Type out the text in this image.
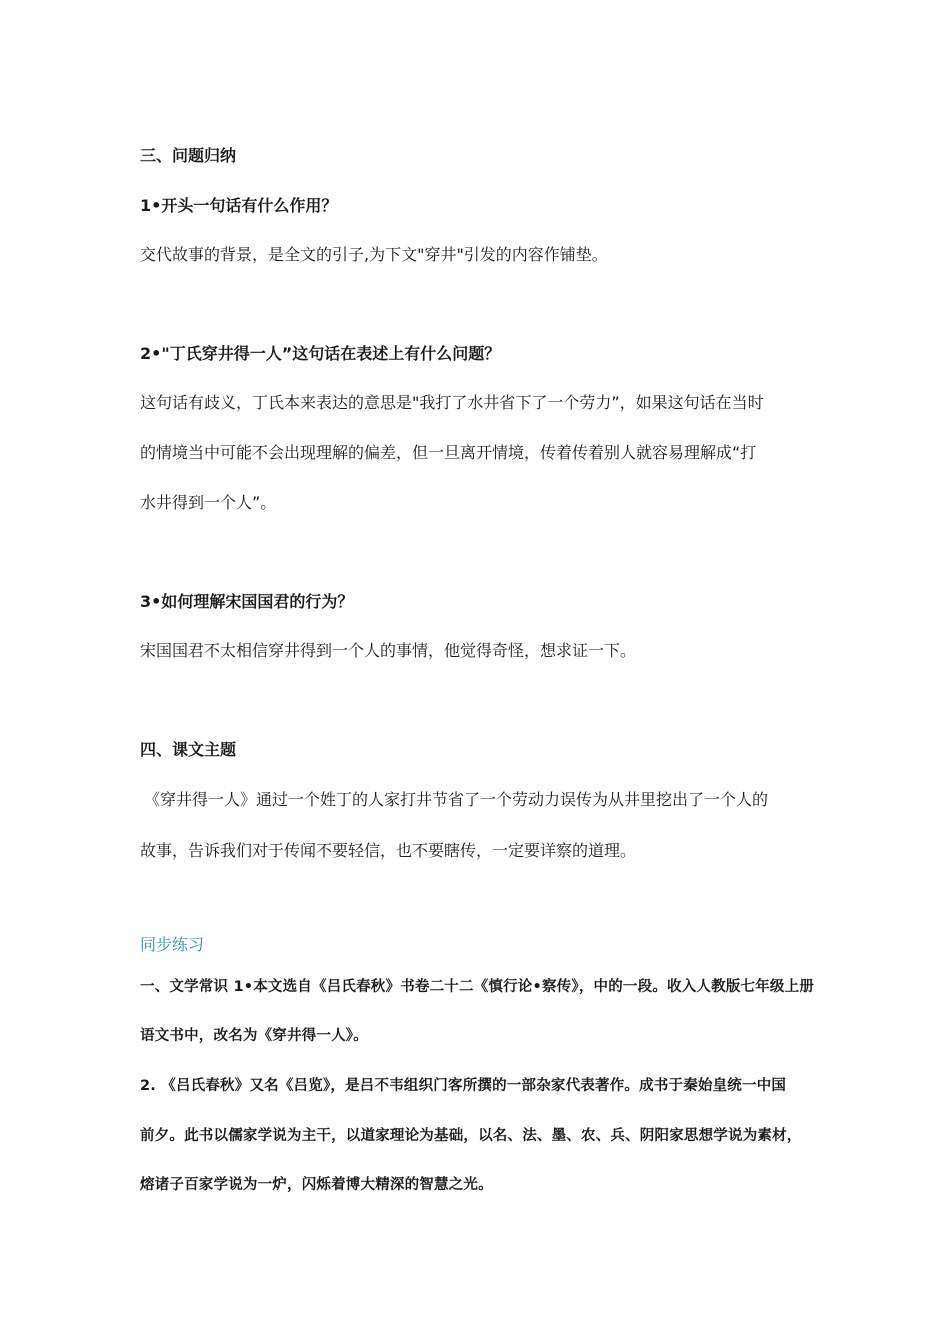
三、问题归纳
1•开头一句话有什么作用？
交代故事的背景，是全文的引子,为下文"穿井"引发的内容作铺垫。
2•"丁氏穿井得一人”这句话在表述上有什么问题？
这句话有歧义，丁氏本来表达的意思是"我打了水井省下了一个劳力”，如果这句话在当时
的情境当中可能不会出现理解的偏差，但一旦离开情境，传着传着别人就容易理解成“打
水井得到一个人”。
3•如何理解宋国国君的行为？
宋国国君不太相信穿井得到一个人的事情，他觉得奇怪，想求证一下。
四、课文主题
《穿井得一人》通过一个姓丁的人家打井节省了一个劳动力误传为从井里挖出了一个人的
故事，告诉我们对于传闻不要轻信，也不要瞎传，一定要详察的道理。
同步练习
一、文学常识 1•本文选自《吕氏春秋》书卷二十二《慎行论•察传》，中的一段。收入人教版七年级上册
语文书中，改名为《穿井得一人》。
2. 《吕氏春秋》又名《吕览》，是吕不韦组织门客所撰的一部杂家代表著作。成书于秦始皇统一中国
前夕。此书以儒家学说为主干，以道家理论为基础，以名、法、墨、农、兵、阴阳家思想学说为素材，
熔诸子百家学说为一炉，闪烁着博大精深的智慧之光。
